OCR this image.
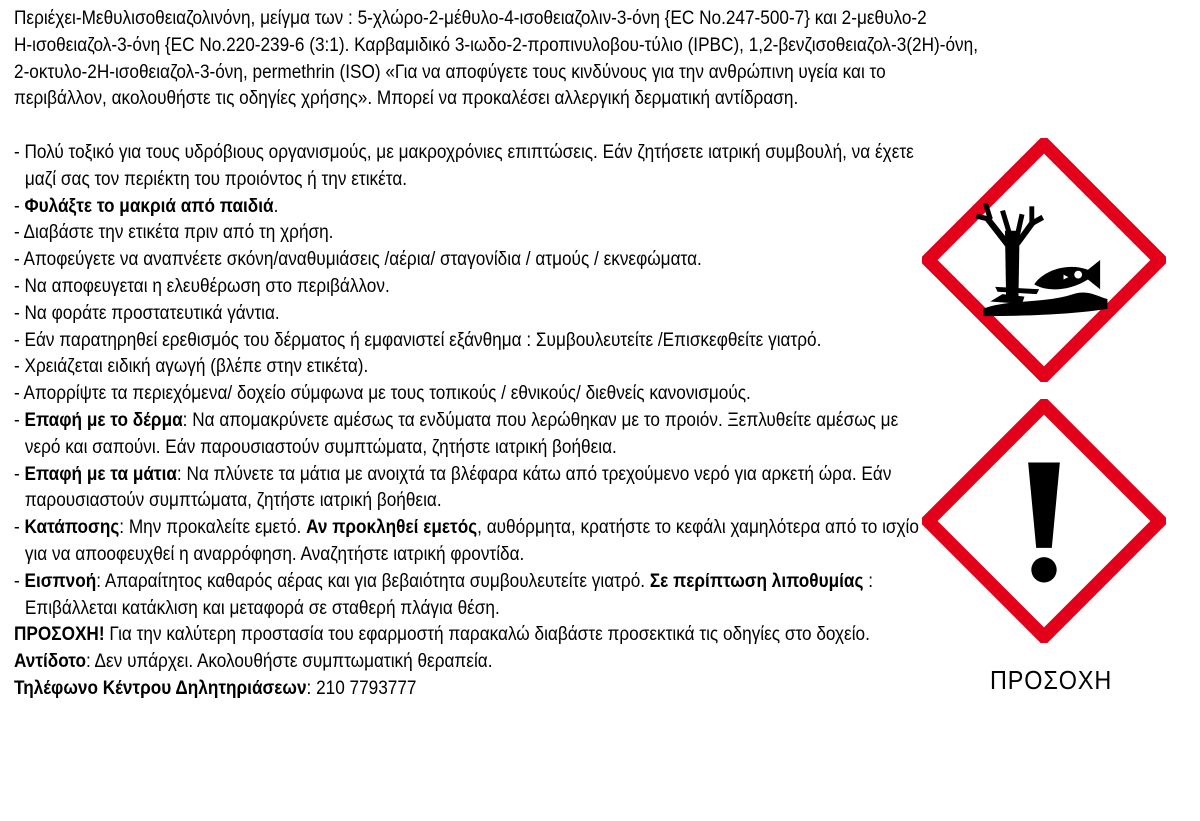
Περιέχει-Μεθυλισοθειαζολινόνη, μείγμα των : 5-χλώρο-2-μέθυλο-4-ισοθειαζολιν-3-όνη {EC No.247-500-7} και 2-μεθυλο-2

Η-ισοθειαζολ-3-όνη {EC No.220-239-6 (3:1). Καρβαμιδικό 3-ιωδο-2-προπινυλοβου-τύλιο (IPBC), 1,2-βενζισοθειαζολ-3(2H)-όνη,

2-οκτυλο-2Η-ισοθειαζολ-3-όνη, permethrin (ISO) «Για να αποφύγετε τους κινδύνους για την ανθρώπινη υγεία και το

περιβάλλον, ακολουθήστε τις οδηγίες χρήσης». Μπορεί να προκαλέσει αλλεργική δερματική αντίδραση.

- Πολύ τοξικό για τους υδρόβιους οργανισμούς, με μακροχρόνιες επιπτώσεις. Εάν ζητήσετε ιατρική συμβουλή, να έχετε μαζί σας τον περιέκτη του προιόντος ή την ετικέτα.

- Φυλάξτε το μακριά από παιδιά.

- Διαβάστε την ετικέτα πριν από τη χρήση.

- Αποφεύγετε να αναπνέετε σκόνη/αναθυμιάσεις /αέρια/ σταγονίδια / ατμούς / εκνεφώματα.

- Να αποφευγεται η ελευθέρωση στο περιβάλλον.

- Να φοράτε προστατευτικά γάντια.

- Εάν παρατηρηθεί ερεθισμός του δέρματος ή εμφανιστεί εξάνθημα : Συμβουλευτείτε /Επισκεφθείτε γιατρό.

- Χρειάζεται ειδική αγωγή (βλέπε στην ετικέτα).

- Απορρίψτε τα περιεχόμενα/ δοχείο σύμφωνα με τους τοπικούς / εθνικούς/ διεθνείς κανονισμούς.

- Επαφή με το δέρμα: Να απομακρύνετε αμέσως τα ενδύματα που λερώθηκαν με το προιόν. Ξεπλυθείτε αμέσως με νερό και σαπούνι. Εάν παρουσιαστούν συμπτώματα, ζητήστε ιατρική βοήθεια.

- Επαφή με τα μάτια: Να πλύνετε τα μάτια με ανοιχτά τα βλέφαρα κάτω από τρεχούμενο νερό για αρκετή ώρα. Εάν παρουσιαστούν συμπτώματα, ζητήστε ιατρική βοήθεια.

- Κατάποσης: Μην προκαλείτε εμετό. Αν προκληθεί εμετός, αυθόρμητα, κρατήστε το κεφάλι χαμηλότερα από το ισχίο για να αποοφευχθεί η αναρρόφηση. Αναζητήστε ιατρική φροντίδα.

- Εισπνοή: Απαραίτητος καθαρός αέρας και για βεβαιότητα συμβουλευτείτε γιατρό. Σε περίπτωση λιποθυμίας : Επιβάλλεται κατάκλιση και μεταφορά σε σταθερή πλάγια θέση.

ΠΡΟΣΟΧΗ! Για την καλύτερη προστασία του εφαρμοστή παρακαλώ διαβάστε προσεκτικά τις οδηγίες στο δοχείο. Αντίδοτο: Δεν υπάρχει. Ακολουθήστε συμπτωματική θεραπεία.

Τηλέφωνο Κέντρου Δηλητηριάσεων: 210 7793777	ΠΡΟΣΟΧΗ
